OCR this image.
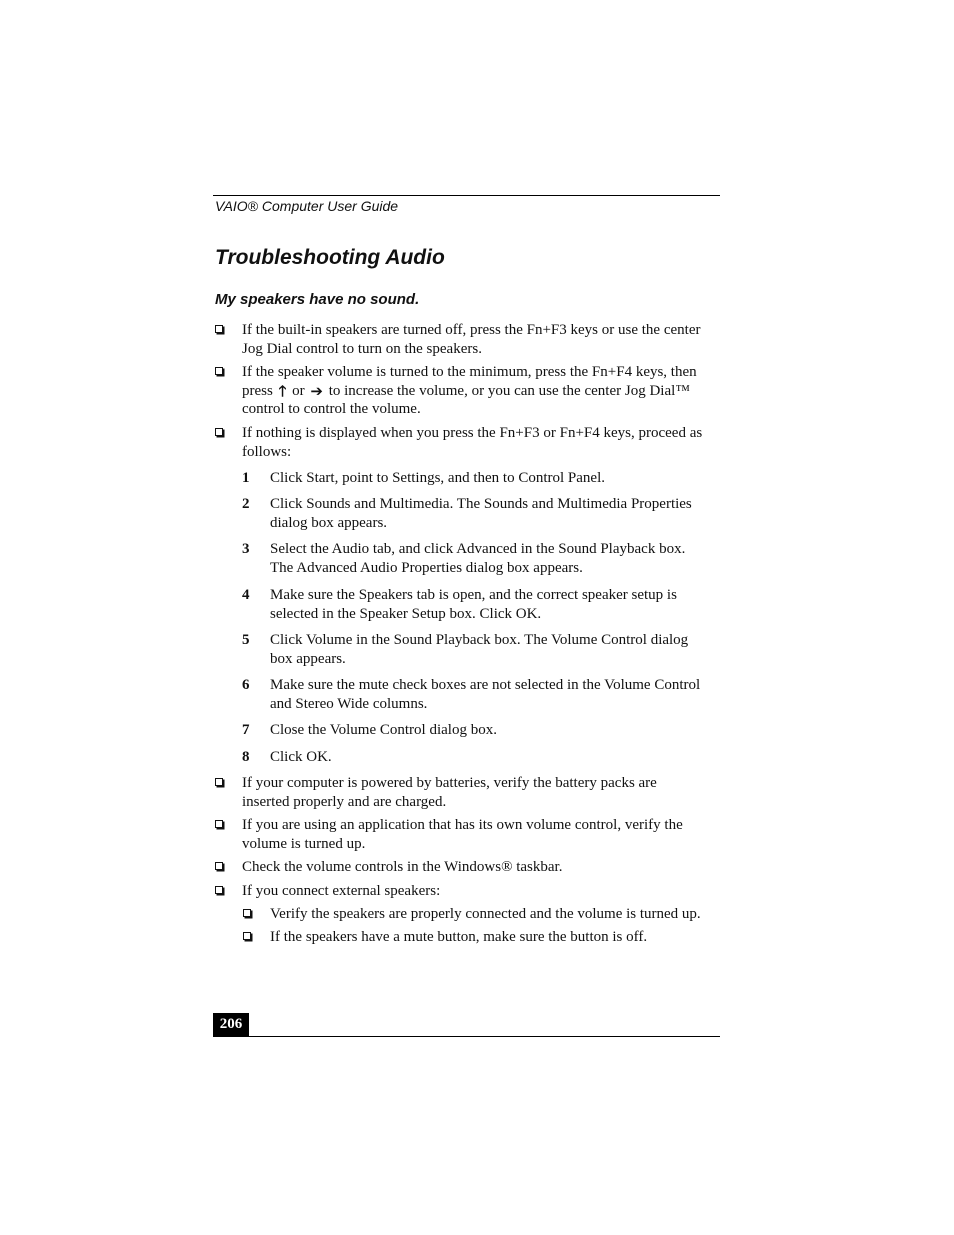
VAIO® Computer User Guide
Troubleshooting Audio
My speakers have no sound.
If the built-in speakers are turned off, press the Fn+F3 keys or use the center
Jog Dial control to turn on the speakers.
If the speaker volume is turned to the minimum, press the Fn+F4 keys, then
press 🡑 or ➔ to increase the volume, or you can use the center Jog Dial™
control to control the volume.
If nothing is displayed when you press the Fn+F3 or Fn+F4 keys, proceed as
follows:
1 Click Start, point to Settings, and then to Control Panel.
2 Click Sounds and Multimedia. The Sounds and Multimedia Properties
dialog box appears.
3 Select the Audio tab, and click Advanced in the Sound Playback box.
The Advanced Audio Properties dialog box appears.
4 Make sure the Speakers tab is open, and the correct speaker setup is
selected in the Speaker Setup box. Click OK.
5 Click Volume in the Sound Playback box. The Volume Control dialog
box appears.
6 Make sure the mute check boxes are not selected in the Volume Control
and Stereo Wide columns.
7 Close the Volume Control dialog box.
8 Click OK.
If your computer is powered by batteries, verify the battery packs are
inserted properly and are charged.
If you are using an application that has its own volume control, verify the
volume is turned up.
Check the volume controls in the Windows® taskbar.
If you connect external speakers:
Verify the speakers are properly connected and the volume is turned up.
If the speakers have a mute button, make sure the button is off.
206
